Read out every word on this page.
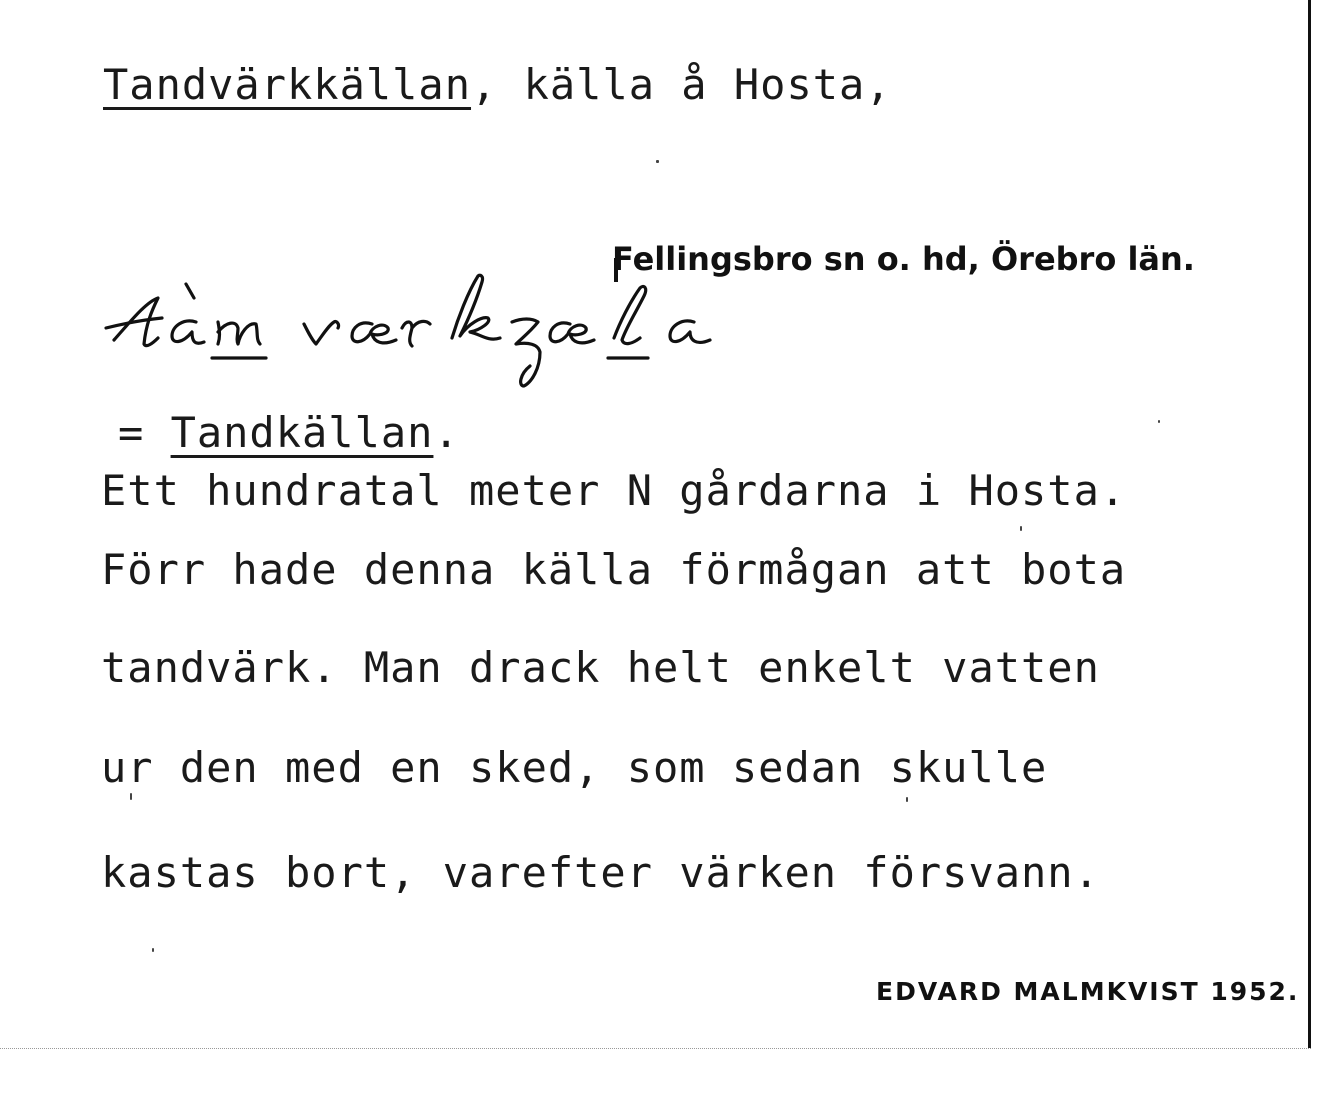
Tandvärkkällan, källa å Hosta,
Fellingsbro sn o. hd, Örebro län.
= Tandkällan.
Ett hundratal meter N gårdarna i Hosta.
Förr hade denna källa förmågan att bota
tandvärk. Man drack helt enkelt vatten
ur den med en sked, som sedan skulle
kastas bort, varefter värken försvann.
EDVARD MALMKVIST 1952.
